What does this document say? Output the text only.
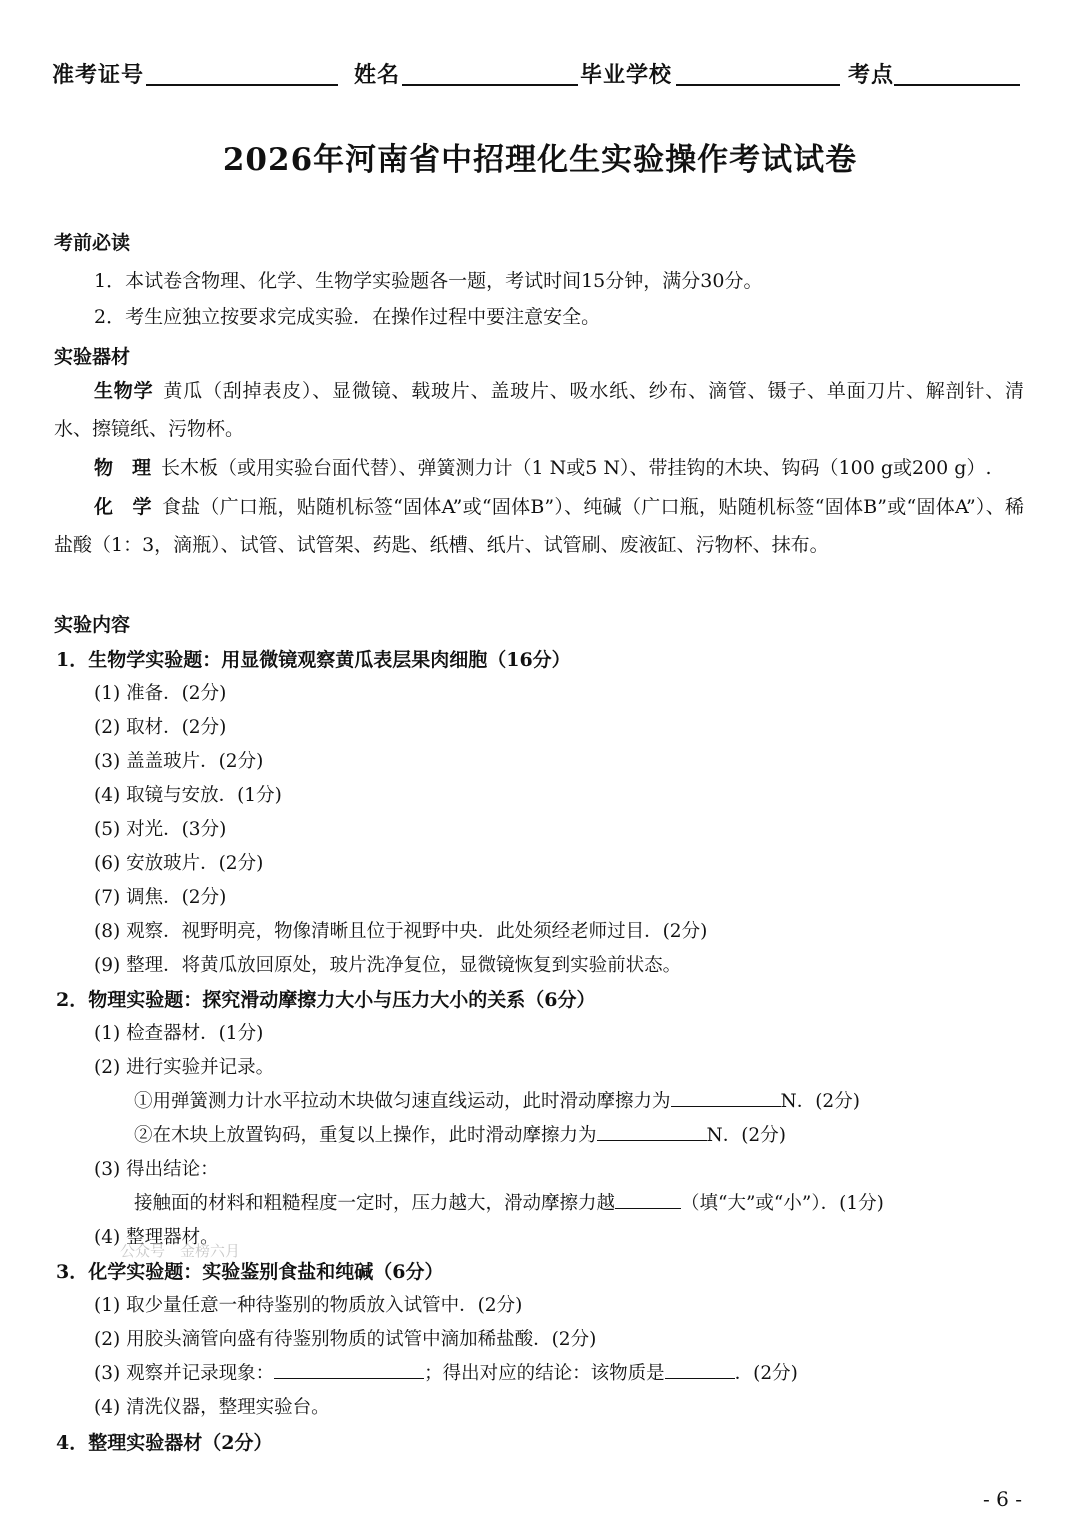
准考证号	姓名	毕业学校	考点
2026年河南省中招理化生实验操作考试试卷
考前必读
1．本试卷含物理、化学、生物学实验题各一题，考试时间15分钟，满分30分。
2．考生应独立按要求完成实验．在操作过程中要注意安全。
实验器材
生物学 黄瓜（刮掉表皮）、显微镜、载玻片、盖玻片、吸水纸、纱布、滴管、镊子、单面刀片、解剖针、清水、擦镜纸、污物杯。
物　理 长木板（或用实验台面代替）、弹簧测力计（1 N或5 N）、带挂钩的木块、钩码（100 g或200 g）.
化　学 食盐（广口瓶，贴随机标签“固体A”或“固体B”）、纯碱（广口瓶，贴随机标签“固体B”或“固体A”）、稀盐酸（1：3，滴瓶）、试管、试管架、药匙、纸槽、纸片、试管刷、废液缸、污物杯、抹布。
实验内容
1．生物学实验题：用显微镜观察黄瓜表层果肉细胞（16分）
(1) 准备．(2分)
(2) 取材．(2分)
(3) 盖盖玻片．(2分)
(4) 取镜与安放．(1分)
(5) 对光．(3分)
(6) 安放玻片．(2分)
(7) 调焦．(2分)
(8) 观察．视野明亮，物像清晰且位于视野中央．此处须经老师过目．(2分)
(9) 整理．将黄瓜放回原处，玻片洗净复位，显微镜恢复到实验前状态。
2．物理实验题：探究滑动摩擦力大小与压力大小的关系（6分）
(1) 检查器材．(1分)
(2) 进行实验并记录。
①用弹簧测力计水平拉动木块做匀速直线运动，此时滑动摩擦力为	N．(2分)
②在木块上放置钩码，重复以上操作，此时滑动摩擦力为	N．(2分)
(3) 得出结论：
接触面的材料和粗糙程度一定时，压力越大，滑动摩擦力越	（填“大”或“小”）．(1分)
(4) 整理器材。
公众号　金榜六月
3．化学实验题：实验鉴别食盐和纯碱（6分）
(1) 取少量任意一种待鉴别的物质放入试管中．(2分)
(2) 用胶头滴管向盛有待鉴别物质的试管中滴加稀盐酸．(2分)
(3) 观察并记录现象：	；得出对应的结论：该物质是	．(2分)
(4) 清洗仪器，整理实验台。
4．整理实验器材（2分）
- 6 -
